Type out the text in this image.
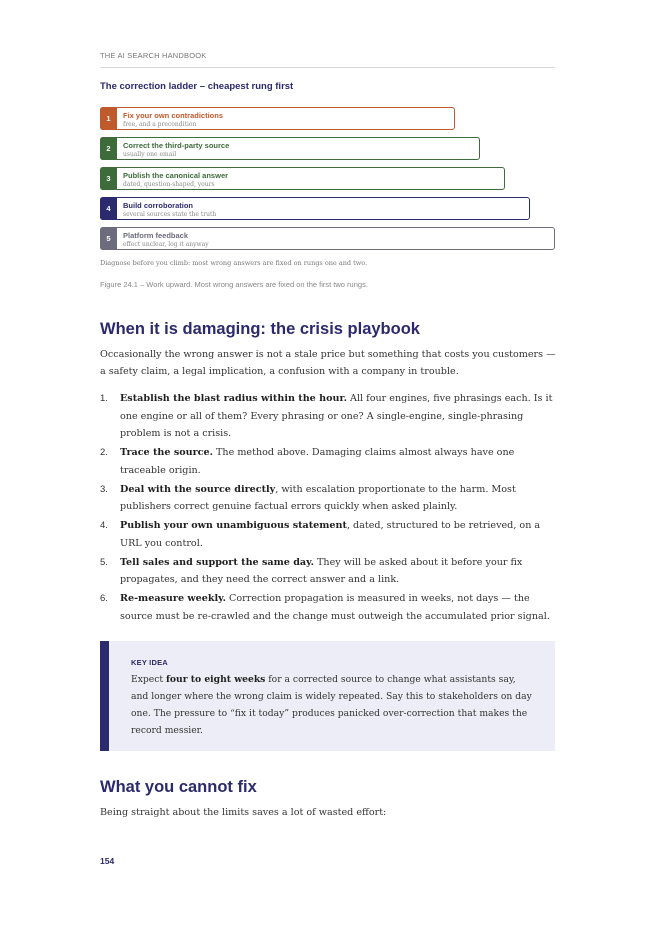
THE AI SEARCH HANDBOOK
The correction ladder – cheapest rung first
1	Fix your own contradictions
free, and a precondition
2	Correct the third-party source
usually one email
3	Publish the canonical answer
dated, question-shaped, yours
4	Build corroboration
several sources state the truth
5	Platform feedback
effect unclear, log it anyway
Diagnose before you climb: most wrong answers are fixed on rungs one and two.
Figure 24.1 – Work upward. Most wrong answers are fixed on the first two rungs.
When it is damaging: the crisis playbook

Occasionally the wrong answer is not a stale price but something that costs you customers — a safety claim, a legal implication, a confusion with a company in trouble.

1. Establish the blast radius within the hour. All four engines, five phrasings each. Is it one engine or all of them? Every phrasing or one? A single-engine, single-phrasing problem is not a crisis.
2. Trace the source. The method above. Damaging claims almost always have one traceable origin.
3. Deal with the source directly, with escalation proportionate to the harm. Most publishers correct genuine factual errors quickly when asked plainly.
4. Publish your own unambiguous statement, dated, structured to be retrieved, on a URL you control.
5. Tell sales and support the same day. They will be asked about it before your fix propagates, and they need the correct answer and a link.
6. Re-measure weekly. Correction propagation is measured in weeks, not days — the source must be re-crawled and the change must outweigh the accumulated prior signal.
KEY IDEA

Expect four to eight weeks for a corrected source to change what assistants say, and longer where the wrong claim is widely repeated. Say this to stakeholders on day one. The pressure to “fix it today” produces panicked over-correction that makes the record messier.

What you cannot fix

Being straight about the limits saves a lot of wasted effort:

154
